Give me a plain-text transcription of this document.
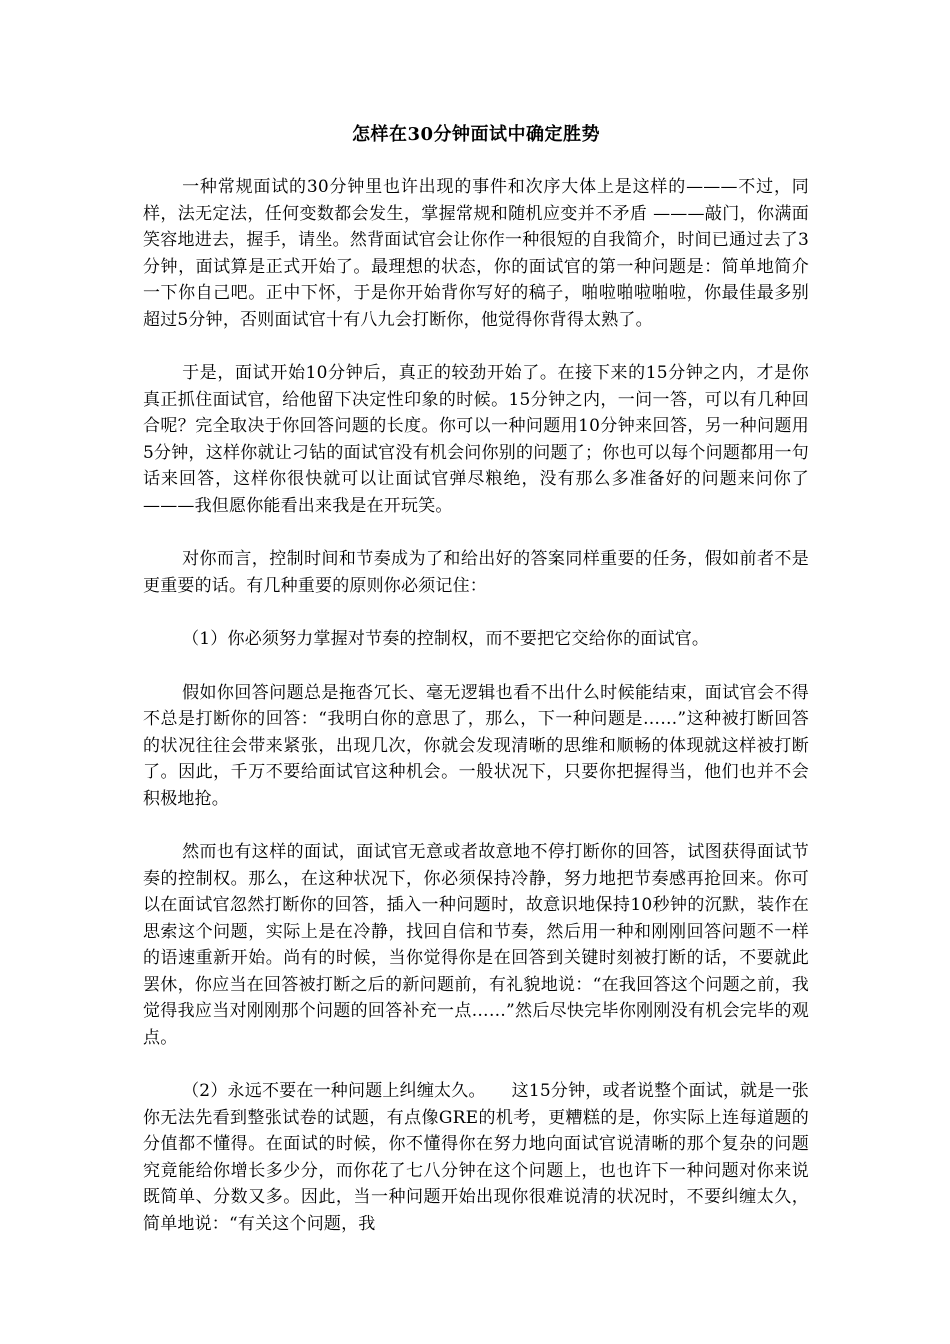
怎样在30分钟面试中确定胜势

一种常规面试的30分钟里也许出现的事件和次序大体上是这样的———不过，同样，法无定法，任何变数都会发生，掌握常规和随机应变并不矛盾 ———敲门，你满面笑容地进去，握手，请坐。然背面试官会让你作一种很短的自我简介，时间已通过去了3分钟，面试算是正式开始了。最理想的状态，你的面试官的第一种问题是：简单地简介一下你自己吧。正中下怀，于是你开始背你写好的稿子，啪啦啪啦啪啦，你最佳最多别超过5分钟，否则面试官十有八九会打断你，他觉得你背得太熟了。

于是，面试开始10分钟后，真正的较劲开始了。在接下来的15分钟之内，才是你真正抓住面试官，给他留下决定性印象的时候。15分钟之内，一问一答，可以有几种回合呢？完全取决于你回答问题的长度。你可以一种问题用10分钟来回答，另一种问题用5分钟，这样你就让刁钻的面试官没有机会问你别的问题了；你也可以每个问题都用一句话来回答，这样你很快就可以让面试官弹尽粮绝，没有那么多准备好的问题来问你了———我但愿你能看出来我是在开玩笑。

对你而言，控制时间和节奏成为了和给出好的答案同样重要的任务，假如前者不是更重要的话。有几种重要的原则你必须记住：

（1）你必须努力掌握对节奏的控制权，而不要把它交给你的面试官。

假如你回答问题总是拖沓冗长、毫无逻辑也看不出什么时候能结束，面试官会不得不总是打断你的回答：“我明白你的意思了，那么，下一种问题是……”这种被打断回答的状况往往会带来紧张，出现几次，你就会发现清晰的思维和顺畅的体现就这样被打断了。因此，千万不要给面试官这种机会。一般状况下，只要你把握得当，他们也并不会积极地抢。

然而也有这样的面试，面试官无意或者故意地不停打断你的回答，试图获得面试节奏的控制权。那么，在这种状况下，你必须保持冷静，努力地把节奏感再抢回来。你可以在面试官忽然打断你的回答，插入一种问题时，故意识地保持10秒钟的沉默，装作在思索这个问题，实际上是在冷静，找回自信和节奏，然后用一种和刚刚回答问题不一样的语速重新开始。尚有的时候，当你觉得你是在回答到关键时刻被打断的话，不要就此罢休，你应当在回答被打断之后的新问题前，有礼貌地说：“在我回答这个问题之前，我觉得我应当对刚刚那个问题的回答补充一点……”然后尽快完毕你刚刚没有机会完毕的观点。

（2）永远不要在一种问题上纠缠太久。　　这15分钟，或者说整个面试，就是一张你无法先看到整张试卷的试题，有点像GRE的机考，更糟糕的是，你实际上连每道题的分值都不懂得。在面试的时候，你不懂得你在努力地向面试官说清晰的那个复杂的问题究竟能给你增长多少分，而你花了七八分钟在这个问题上，也也许下一种问题对你来说既简单、分数又多。因此，当一种问题开始出现你很难说清的状况时，不要纠缠太久，简单地说：“有关这个问题，我
